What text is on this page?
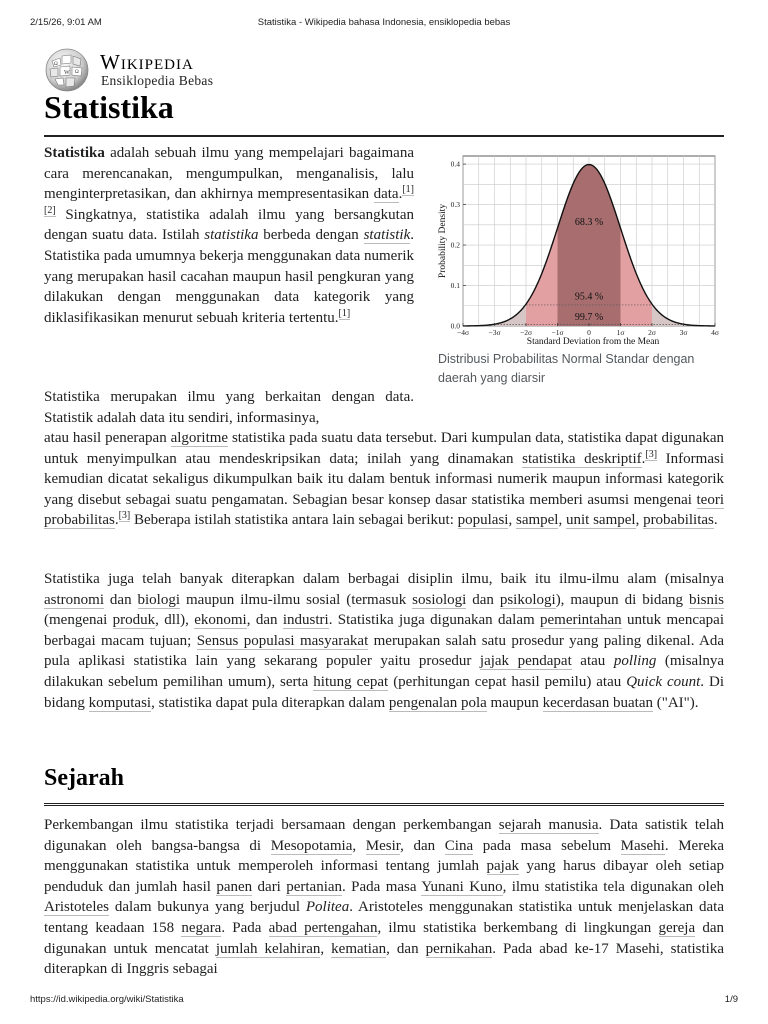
2/15/26, 9:01 AM	Statistika - Wikipedia bahasa Indonesia, ensiklopedia bebas
W Ω
Ω Wikipedia
Ensiklopedia Bebas
Statistika

Statistika adalah sebuah ilmu yang mempelajari bagaimana cara merencanakan, mengumpulkan, menganalisis, lalu menginterpretasikan, dan akhirnya mempresentasikan data.[1][2] Singkatnya, statistika adalah ilmu yang bersangkutan dengan suatu data. Istilah statistika berbeda dengan statistik. Statistika pada umumnya bekerja menggunakan data numerik yang merupakan hasil cacahan maupun hasil pengkuran yang dilakukan dengan menggunakan data kategorik yang diklasifikasikan menurut sebuah kriteria tertentu.[1]

Statistika merupakan ilmu yang berkaitan dengan data. Statistik adalah data itu sendiri, informasinya,

atau hasil penerapan algoritme statistika pada suatu data tersebut. Dari kumpulan data, statistika dapat digunakan untuk menyimpulkan atau mendeskripsikan data; inilah yang dinamakan statistika deskriptif.[3] Informasi kemudian dicatat sekaligus dikumpulkan baik itu dalam bentuk informasi numerik maupun informasi kategorik yang disebut sebagai suatu pengamatan. Sebagian besar konsep dasar statistika memberi asumsi mengenai teori probabilitas.[3] Beberapa istilah statistika antara lain sebagai berikut: populasi, sampel, unit sampel, probabilitas.

Statistika juga telah banyak diterapkan dalam berbagai disiplin ilmu, baik itu ilmu-ilmu alam (misalnya astronomi dan biologi maupun ilmu-ilmu sosial (termasuk sosiologi dan psikologi), maupun di bidang bisnis (mengenai produk, dll), ekonomi, dan industri. Statistika juga digunakan dalam pemerintahan untuk mencapai berbagai macam tujuan; Sensus populasi masyarakat merupakan salah satu prosedur yang paling dikenal. Ada pula aplikasi statistika lain yang sekarang populer yaitu prosedur jajak pendapat atau polling (misalnya dilakukan sebelum pemilihan umum), serta hitung cepat (perhitungan cepat hasil pemilu) atau Quick count. Di bidang komputasi, statistika dapat pula diterapkan dalam pengenalan pola maupun kecerdasan buatan ("AI").

Sejarah

Perkembangan ilmu statistika terjadi bersamaan dengan perkembangan sejarah manusia. Data satistik telah digunakan oleh bangsa-bangsa di Mesopotamia, Mesir, dan Cina pada masa sebelum Masehi. Mereka menggunakan statistika untuk memperoleh informasi tentang jumlah pajak yang harus dibayar oleh setiap penduduk dan jumlah hasil panen dari pertanian. Pada masa Yunani Kuno, ilmu statistika tela digunakan oleh Aristoteles dalam bukunya yang berjudul Politea. Aristoteles menggunakan statistika untuk menjelaskan data tentang keadaan 158 negara. Pada abad pertengahan, ilmu statistika berkembang di lingkungan gereja dan digunakan untuk mencatat jumlah kelahiran, kematian, dan pernikahan. Pada abad ke-17 Masehi, statistika diterapkan di Inggris sebagai

68.3 %
95.4 %
99.7 %
−4σ	−3σ	−2σ	−1σ	0	1σ	2σ	3σ	4σ
0.0
0.1
0.2
0.3
0.4
Standard Deviation from the Mean
Probability Density
Distribusi Probabilitas Normal Standar dengan daerah yang diarsir
https://id.wikipedia.org/wiki/Statistika	1/9
